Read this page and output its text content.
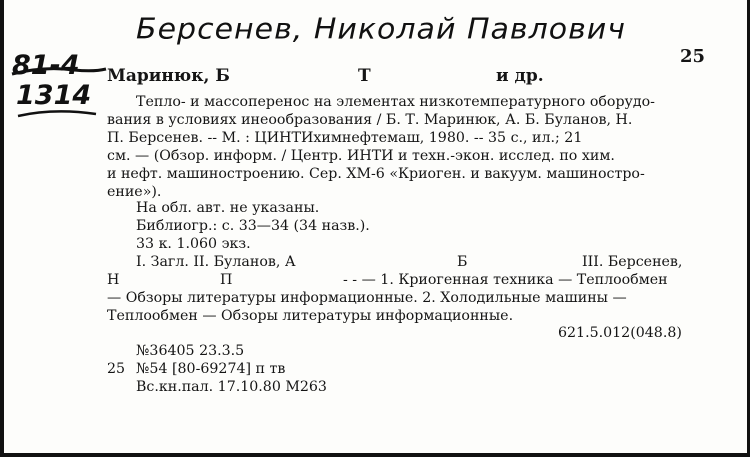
Берсенев, Николай Павлович
81-4
1314
25
Маринюк, Б	Т	и др.
Тепло- и массоперенос на элементах низкотемпературного оборудо-
вания в условиях инеообразования / Б. Т. Маринюк, А. Б. Буланов, Н.
П. Берсенев. -- М. : ЦИНТИхимнефтемаш, 1980. -- 35 с., ил.; 21
см. — (Обзор. информ. / Центр. ИНТИ и техн.-экон. исслед. по хим.
и нефт. машиностроению. Сер. ХМ-6 «Криоген. и вакуум. машиностро-
ение»).
На обл. авт. не указаны.
Библиогр.: с. 33—34 (34 назв.).
33 к. 1.060 экз.
I. Загл. II. Буланов, А	Б	III. Берсенев,
Н	П	- - — 1. Криогенная техника — Теплообмен
— Обзоры литературы информационные. 2. Холодильные машины —
Теплообмен — Обзоры литературы информационные.
621.5.012(048.8)
№36405 23.3.5
25 №54 [80-69274] п тв
Вс.кн.пал. 17.10.80 М263
